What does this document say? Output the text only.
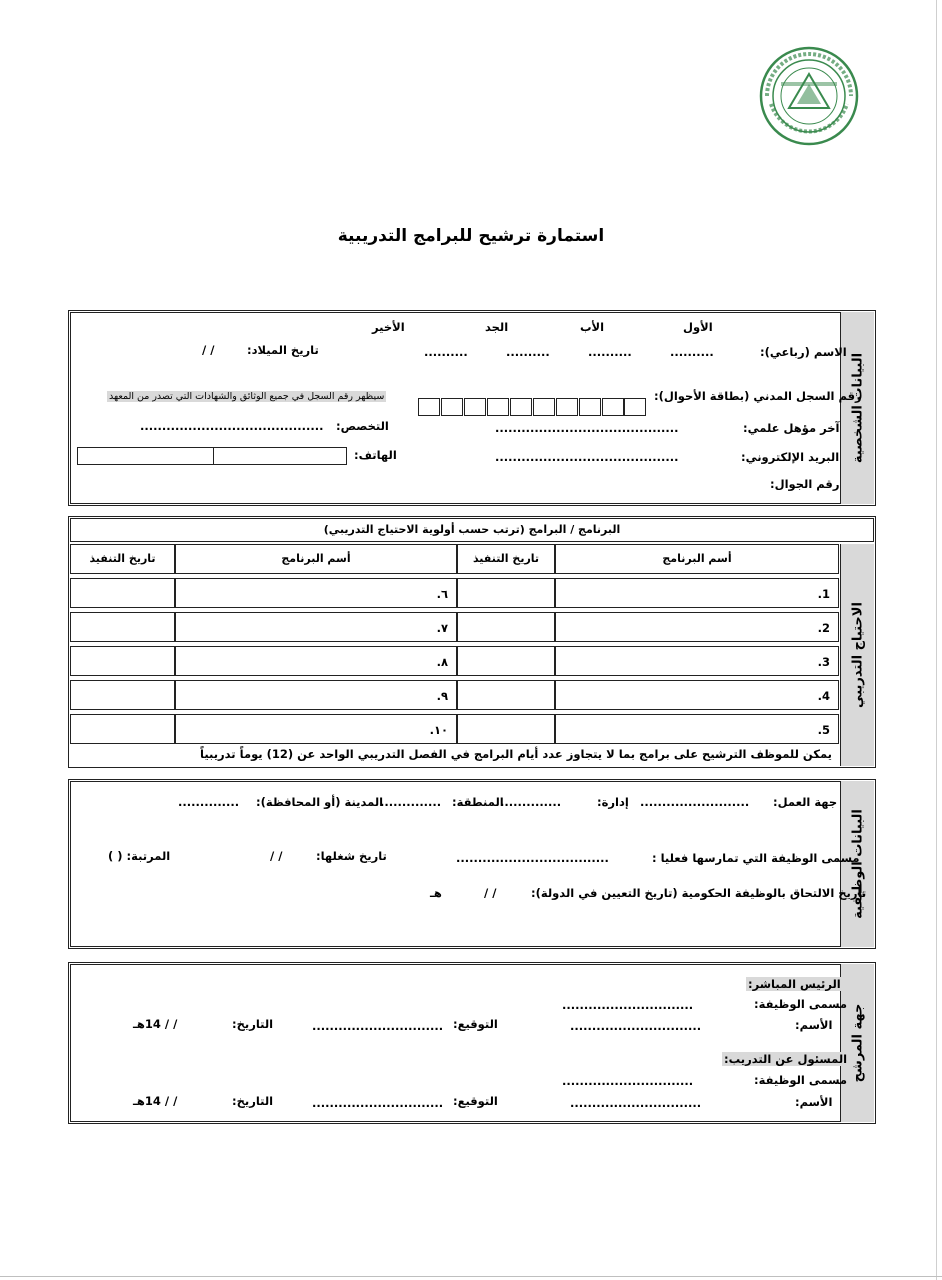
استمارة ترشيح للبرامج التدريبية
البيانات الشخصية
الأول
الأب
الجد
الأخير
الاسم (رباعي):
..........
..........
..........
..........
تاريخ الميلاد:
/ /
رقم السجل المدني (بطاقة الأحوال):
سيظهر رقم السجل في جميع الوثائق والشهادات التي تصدر من المعهد
آخر مؤهل علمي:
..........................................
التخصص:
..........................................
البريد الإلكتروني:
..........................................
الهاتف:
رقم الجوال:
البرنامج / البرامج (ترتب حسب أولوية الاحتياج التدريبي)
الاحتياج التدريبي
أسم البرنامج
تاريخ التنفيذ
أسم البرنامج
تاريخ التنفيذ
1.
٦.
2.
٧.
3.
٨.
4.
٩.
5.
١٠.
يمكن للموظف الترشيح على برامج بما لا يتجاوز عدد أيام البرامج في الفصل التدريبي الواحد عن (12) يوماً تدريبياً
البيانات الوظيفية
جهة العمل:
.........................
إدارة:
..............
المنطقة:
..............
المدينة (أو المحافظة):
..............
مسمى الوظيفة التي تمارسها فعليا :
...................................
تاريخ شغلها:
/ /
المرتبة: ( )
تاريخ الالتحاق بالوظيفة الحكومية (تاريخ التعيين في الدولة):
/ /
هـ
جهة المرشح
الرئيس المباشر:
مسمى الوظيفة:
..............................
الأسم:
..............................
التوقيع:
..............................
التاريخ:
/ / 14هـ
المسئول عن التدريب:
مسمى الوظيفة:
..............................
الأسم:
..............................
التوقيع:
..............................
التاريخ:
/ / 14هـ
